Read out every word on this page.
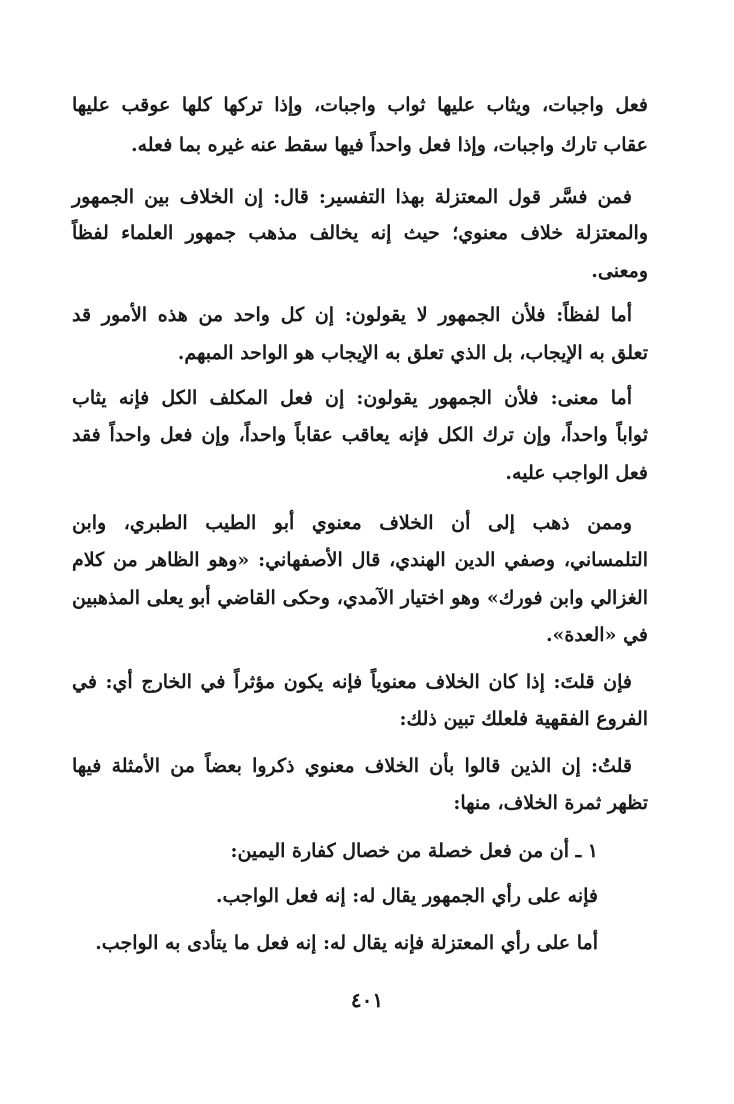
فعل واجبات، ويثاب عليها ثواب واجبات، وإذا تركها كلها عوقب عليها
عقاب تارك واجبات، وإذا فعل واحداً فيها سقط عنه غيره بما فعله.
فمن فسَّر قول المعتزلة بهذا التفسير: قال: إن الخلاف بين الجمهور
والمعتزلة خلاف معنوي؛ حيث إنه يخالف مذهب جمهور العلماء لفظاً
ومعنى.
أما لفظاً: فلأن الجمهور لا يقولون: إن كل واحد من هذه الأمور قد
تعلق به الإيجاب، بل الذي تعلق به الإيجاب هو الواحد المبهم.
أما معنى: فلأن الجمهور يقولون: إن فعل المكلف الكل فإنه يثاب
ثواباً واحداً، وإن ترك الكل فإنه يعاقب عقاباً واحداً، وإن فعل واحداً فقد
فعل الواجب عليه.
وممن ذهب إلى أن الخلاف معنوي أبو الطيب الطبري، وابن
التلمساني، وصفي الدين الهندي، قال الأصفهاني: «وهو الظاهر من كلام
الغزالي وابن فورك» وهو اختيار الآمدي، وحكى القاضي أبو يعلى المذهبين
في «العدة».
فإن قلتَ: إذا كان الخلاف معنوياً فإنه يكون مؤثراً في الخارج أي: في
الفروع الفقهية فلعلك تبين ذلك:
قلتُ: إن الذين قالوا بأن الخلاف معنوي ذكروا بعضاً من الأمثلة فيها
تظهر ثمرة الخلاف، منها:
١ ـ أن من فعل خصلة من خصال كفارة اليمين:
فإنه على رأي الجمهور يقال له: إنه فعل الواجب.
أما على رأي المعتزلة فإنه يقال له: إنه فعل ما يتأدى به الواجب.
٤٠١
